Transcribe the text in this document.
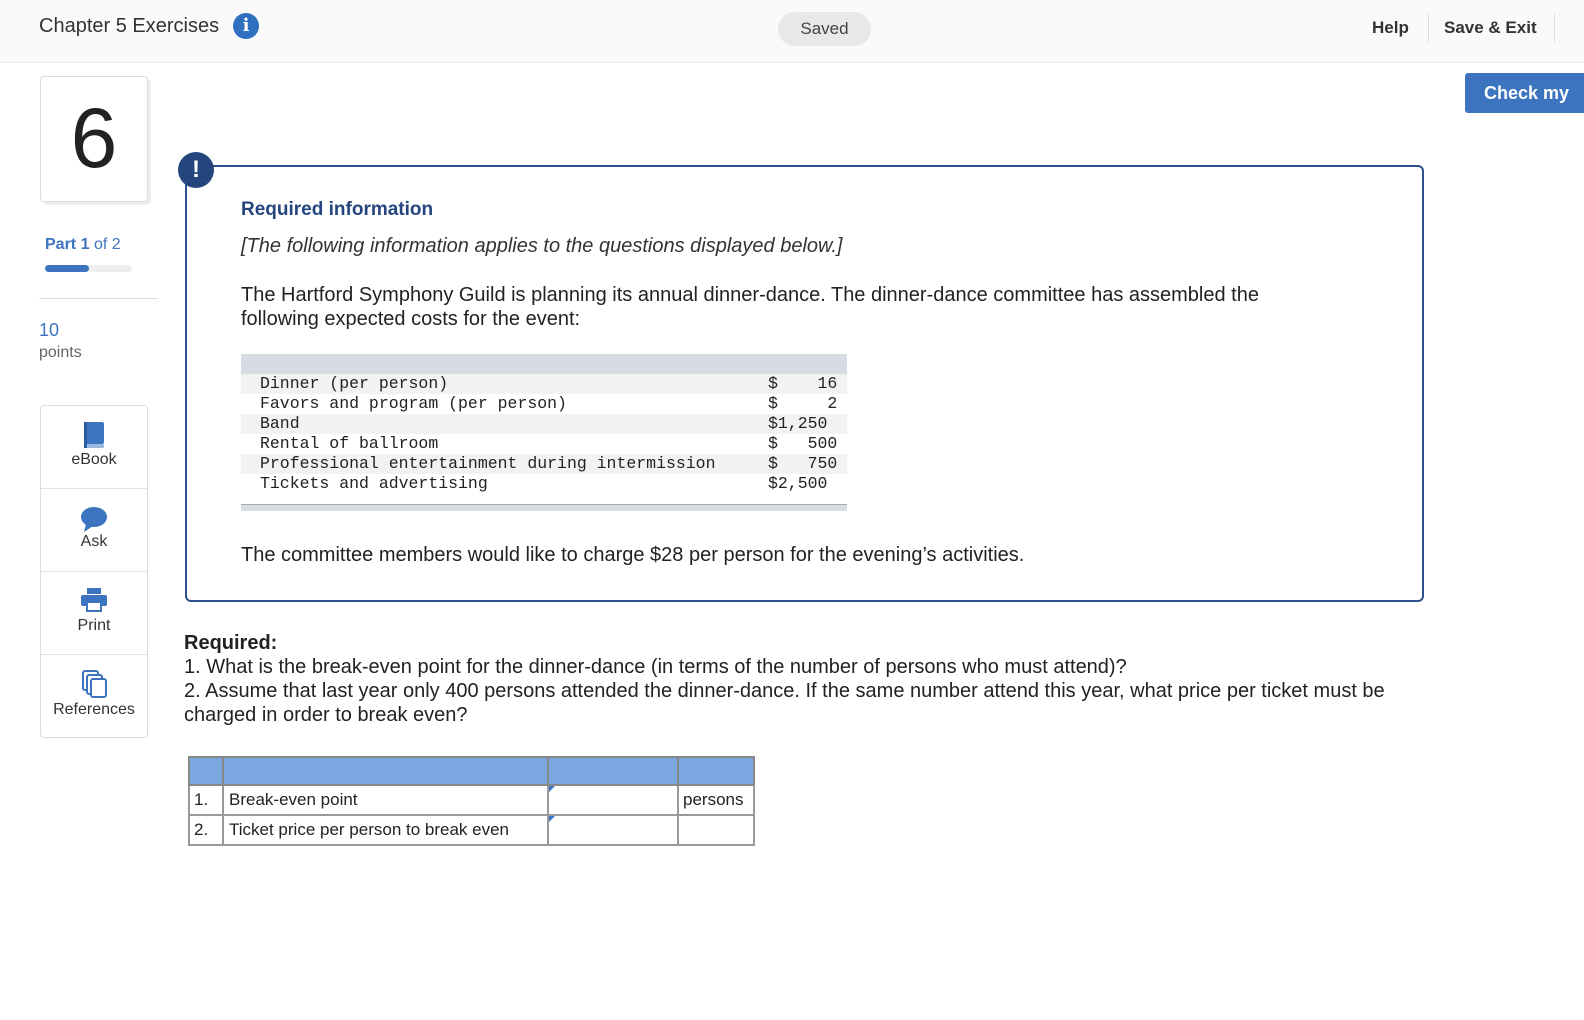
Chapter 5 Exercises	i	Saved	Help Save & Exit
Check my
6
Part 1 of 2
10
points
eBook
Ask
Print
References
!
Required information
[The following information applies to the questions displayed below.]
The Hartford Symphony Guild is planning its annual dinner-dance. The dinner-dance committee has assembled the following expected costs for the event:
Dinner (per person)	$    16
Favors and program (per person)	$     2
Band	$1,250
Rental of ballroom	$   500
Professional entertainment during intermission	$   750
Tickets and advertising	$2,500
The committee members would like to charge $28 per person for the evening’s activities.
Required:
1. What is the break-even point for the dinner-dance (in terms of the number of persons who must attend)?
2. Assume that last year only 400 persons attended the dinner-dance. If the same number attend this year, what price per ticket must be charged in order to break even?

1.	Break-even point		persons
2.	Ticket price per person to break even	
